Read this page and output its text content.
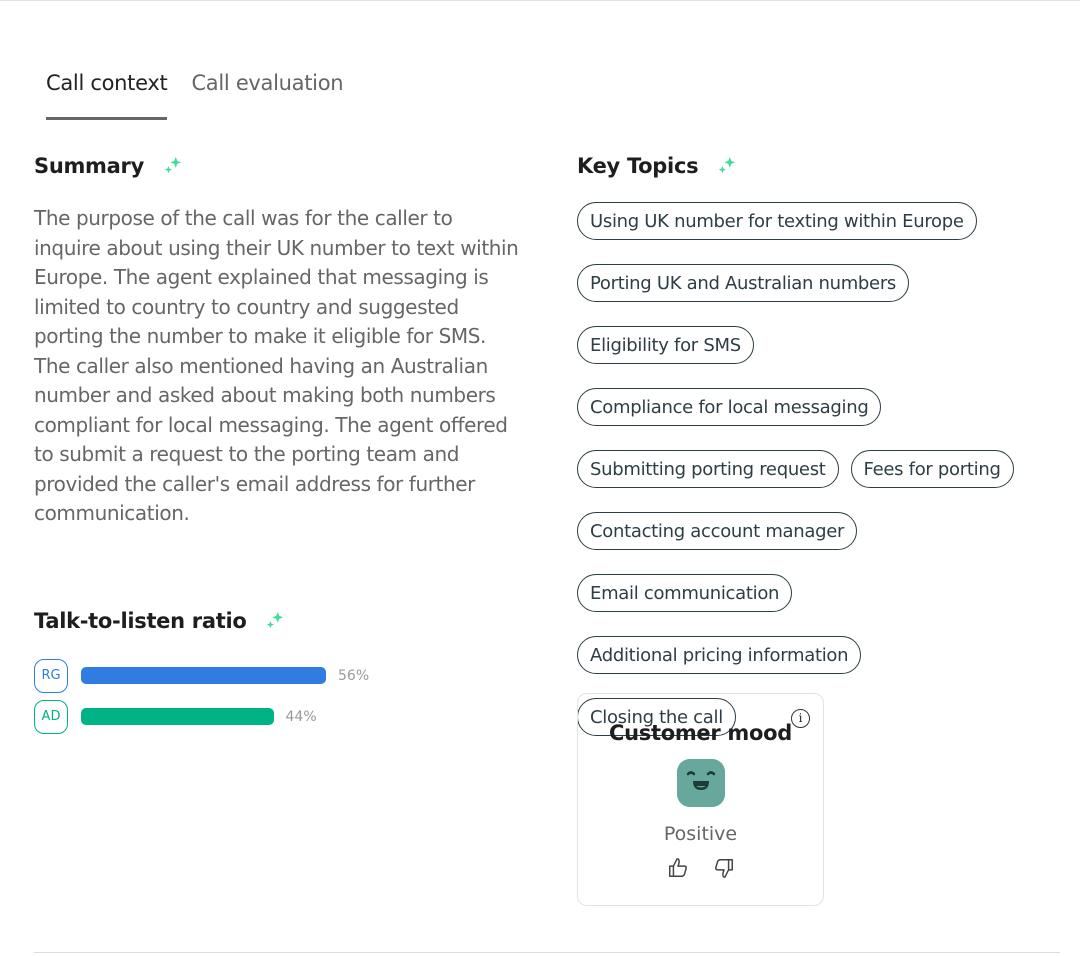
Call context Call evaluation
Summary

The purpose of the call was for the caller to inquire about using their UK number to text within Europe. The agent explained that messaging is limited to country to country and suggested porting the number to make it eligible for SMS. The caller also mentioned having an Australian number and asked about making both numbers compliant for local messaging. The agent offered to submit a request to the porting team and provided the caller's email address for further communication.

Talk-to-listen ratio
RG	56%
AD	44%
Key Topics
Using UK number for texting within Europe
Porting UK and Australian numbers
Eligibility for SMS
Compliance for local messaging
Submitting porting request	Fees for porting
Contacting account manager
Email communication
Additional pricing information
Closing the call	i
Customer mood
Positive
